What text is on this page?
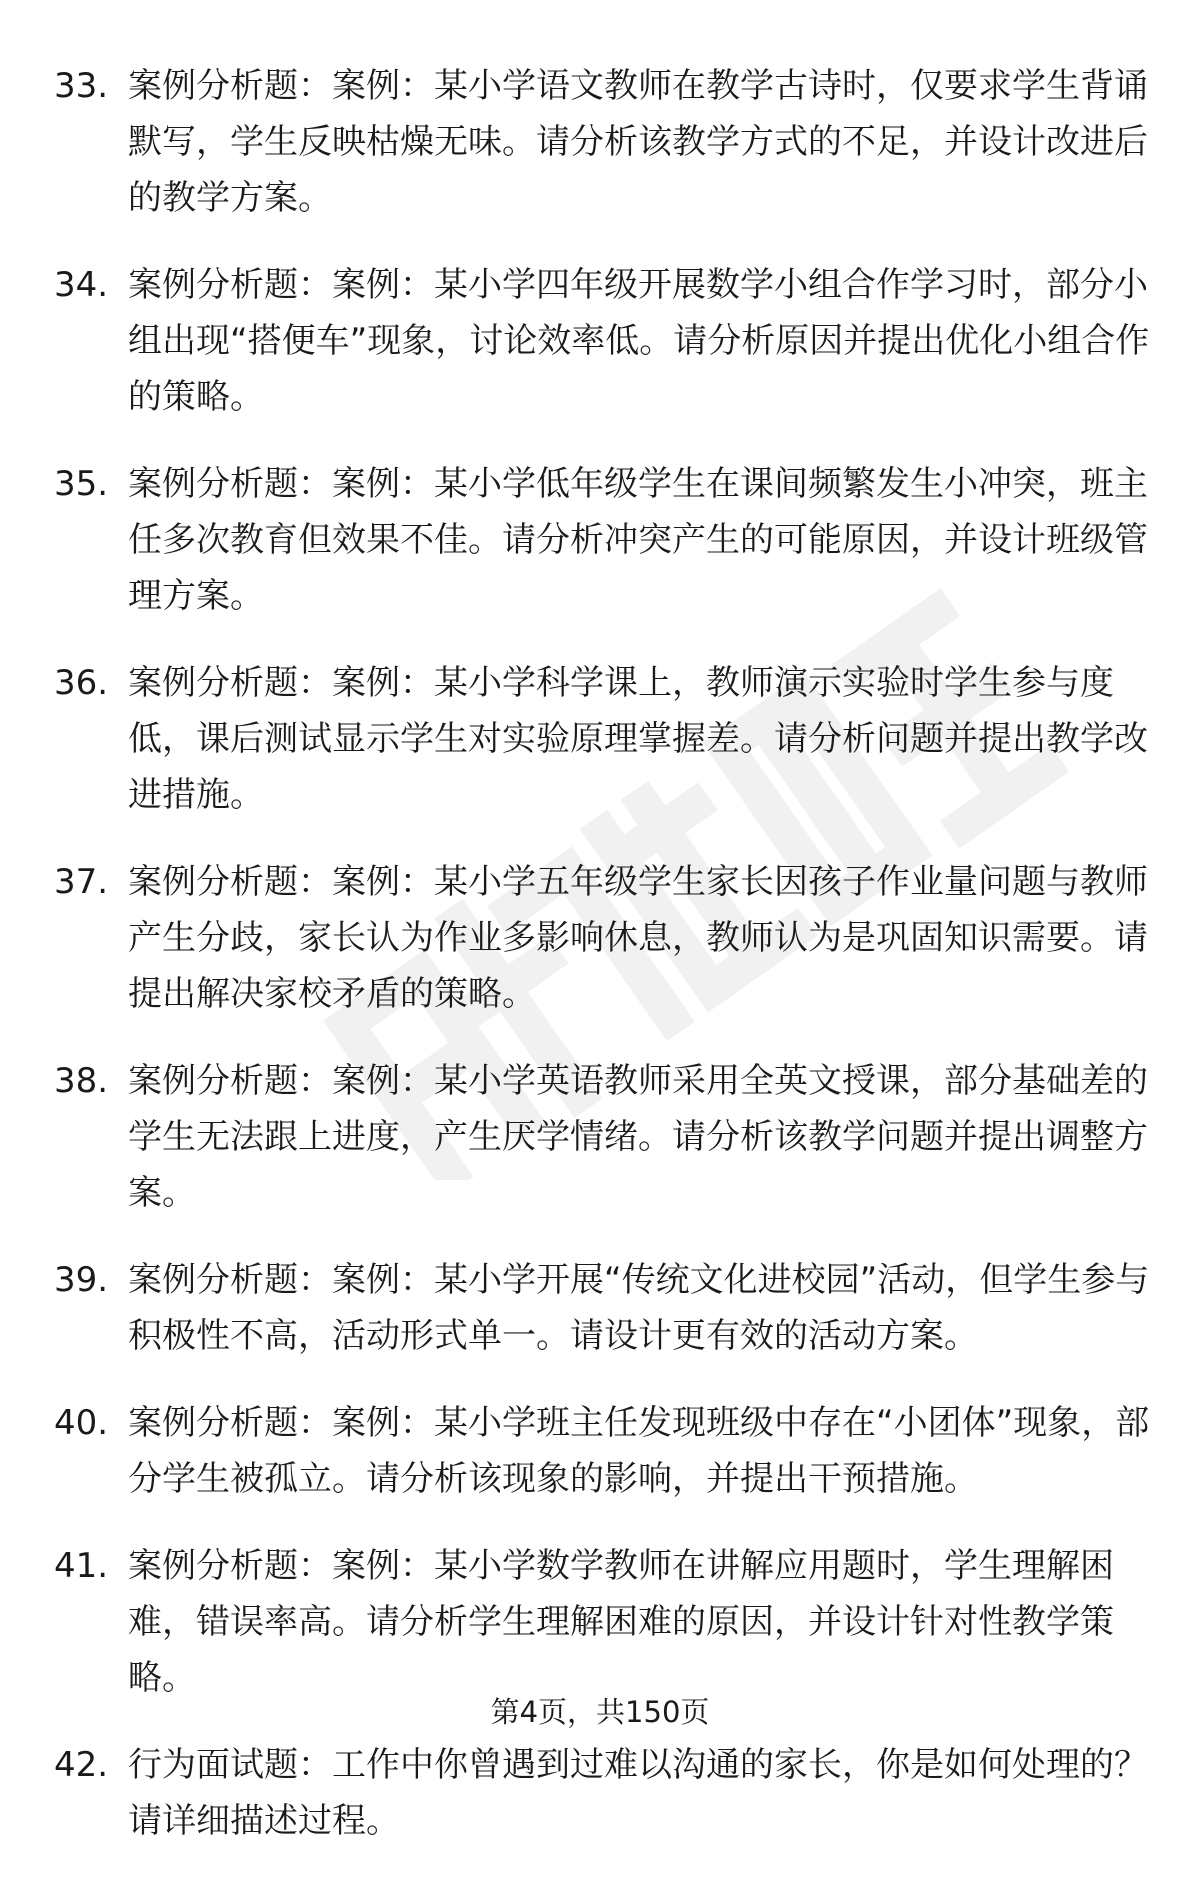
33. 案例分析题：案例：某小学语文教师在教学古诗时，仅要求学生背诵默写，学生反映枯燥无味。请分析该教学方式的不足，并设计改进后的教学方案。
34. 案例分析题：案例：某小学四年级开展数学小组合作学习时，部分小组出现“搭便车”现象，讨论效率低。请分析原因并提出优化小组合作的策略。
35. 案例分析题：案例：某小学低年级学生在课间频繁发生小冲突，班主任多次教育但效果不佳。请分析冲突产生的可能原因，并设计班级管理方案。
36. 案例分析题：案例：某小学科学课上，教师演示实验时学生参与度低，课后测试显示学生对实验原理掌握差。请分析问题并提出教学改进措施。
37. 案例分析题：案例：某小学五年级学生家长因孩子作业量问题与教师产生分歧，家长认为作业多影响休息，教师认为是巩固知识需要。请提出解决家校矛盾的策略。
38. 案例分析题：案例：某小学英语教师采用全英文授课，部分基础差的学生无法跟上进度，产生厌学情绪。请分析该教学问题并提出调整方案。
39. 案例分析题：案例：某小学开展“传统文化进校园”活动，但学生参与积极性不高，活动形式单一。请设计更有效的活动方案。
40. 案例分析题：案例：某小学班主任发现班级中存在“小团体”现象，部分学生被孤立。请分析该现象的影响，并提出干预措施。
41. 案例分析题：案例：某小学数学教师在讲解应用题时，学生理解困难，错误率高。请分析学生理解困难的原因，并设计针对性教学策略。
42. 行为面试题：工作中你曾遇到过难以沟通的家长，你是如何处理的？请详细描述过程。
第4页，共150页
